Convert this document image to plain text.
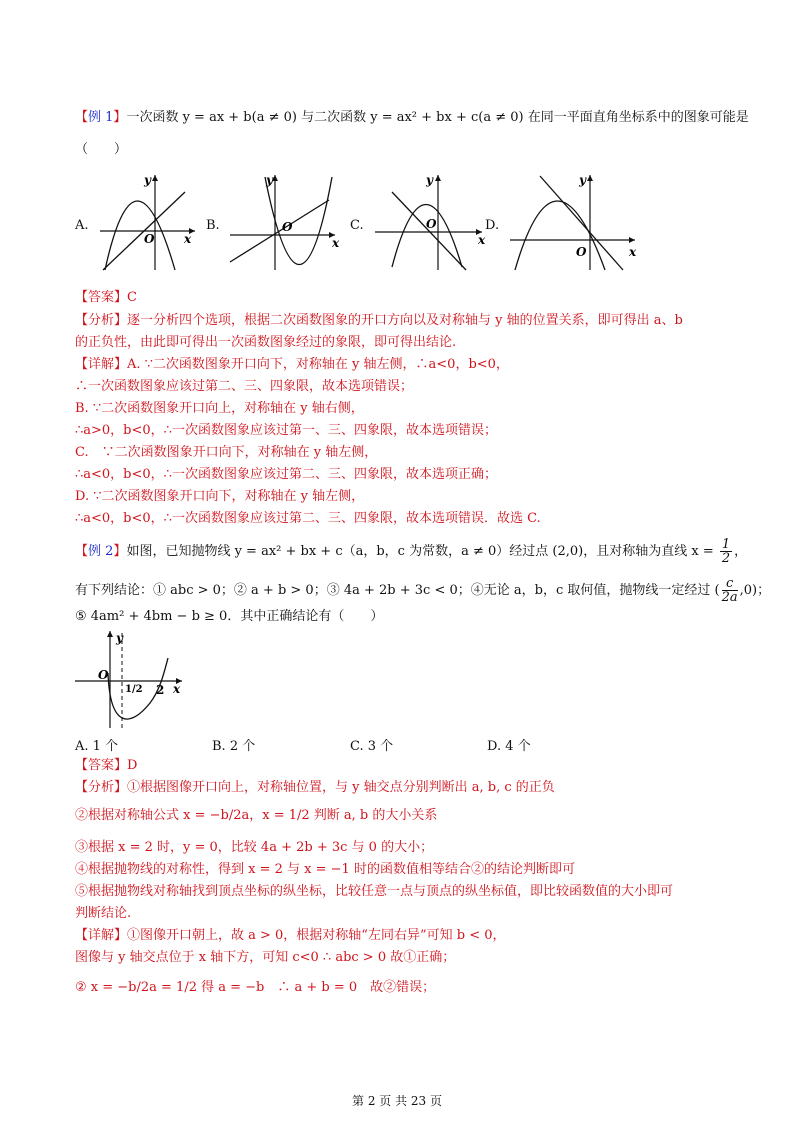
【例 1】一次函数 y = ax + b(a ≠ 0) 与二次函数 y = ax² + bx + c(a ≠ 0) 在同一平面直角坐标系中的图象可能是
（　　）
A.
y
O x
B.
y
O
x
C.
y
O
x
D.
y
O	x
【答案】C
【分析】逐一分析四个选项，根据二次函数图象的开口方向以及对称轴与 y 轴的位置关系，即可得出 a、b
的正负性，由此即可得出一次函数图象经过的象限，即可得出结论.
【详解】A. ∵二次函数图象开口向下，对称轴在 y 轴左侧，∴a<0，b<0，
∴一次函数图象应该过第二、三、四象限，故本选项错误；
B. ∵二次函数图象开口向上，对称轴在 y 轴右侧，
∴a>0，b<0，∴一次函数图象应该过第一、三、四象限，故本选项错误；
C.　∵二次函数图象开口向下，对称轴在 y 轴左侧，
∴a<0，b<0，∴一次函数图象应该过第二、三、四象限，故本选项正确；
D. ∵二次函数图象开口向下，对称轴在 y 轴左侧，
∴a<0，b<0，∴一次函数图象应该过第二、三、四象限，故本选项错误．故选 C.
【例 2】如图，已知抛物线 y = ax² + bx + c（a，b，c 为常数，a ≠ 0）经过点 (2,0)，且对称轴为直线 $x = \frac{1}{2}$ ，
有下列结论：① abc > 0；② a + b > 0；③ 4a + 2b + 3c < 0；④无论 a，b，c 取何值，抛物线一定经过 ( $\frac{c}{2a} ,0$)；
⑤ 4am² + 4bm − b ≥ 0．其中正确结论有（　　）
y
O
1/2 2 x
A. 1 个	B. 2 个	C. 3 个	D. 4 个
【答案】D
【分析】①根据图像开口向上，对称轴位置，与 y 轴交点分别判断出 a, b, c 的正负
②根据对称轴公式 x = −b/2a，x = 1/2 判断 a, b 的大小关系
③根据 x = 2 时，y = 0，比较 4a + 2b + 3c 与 0 的大小；
④根据抛物线的对称性，得到 x = 2 与 x = −1 时的函数值相等结合②的结论判断即可
⑤根据抛物线对称轴找到顶点坐标的纵坐标，比较任意一点与顶点的纵坐标值，即比较函数值的大小即可
判断结论.
【详解】①图像开口朝上，故 a > 0，根据对称轴“左同右异”可知 b < 0，
图像与 y 轴交点位于 x 轴下方，可知 c<0 ∴ abc > 0 故①正确；
② x = −b/2a = 1/2 得 a = −b　∴ a + b = 0　故②错误；
第 2 页 共 23 页
